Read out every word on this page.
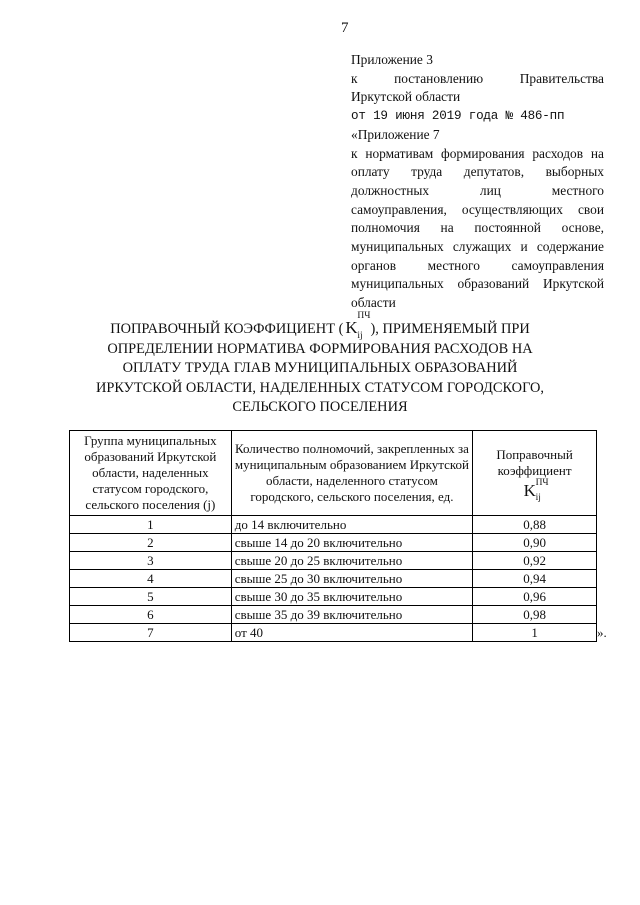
7

Приложение 3

к постановлению Правительства

Иркутской области

от 19 июня 2019 года № 486-пп

«Приложение 7

к нормативам формирования расходов на оплату труда депутатов, выборных должностных лиц местного самоуправления, осуществляющих свои полномочия на постоянной основе, муниципальных служащих и содержание органов местного самоуправления муниципальных образований Иркутской области

ПОПРАВОЧНЫЙ КОЭФФИЦИЕНТ ( K
ПЧ
ij ), ПРИМЕНЯЕМЫЙ ПРИ ОПРЕДЕЛЕНИИ НОРМАТИВА ФОРМИРОВАНИЯ РАСХОДОВ НА ОПЛАТУ ТРУДА ГЛАВ МУНИЦИПАЛЬНЫХ ОБРАЗОВАНИЙ ИРКУТСКОЙ ОБЛАСТИ, НАДЕЛЕННЫХ СТАТУСОМ ГОРОДСКОГО, СЕЛЬСКОГО ПОСЕЛЕНИЯ
Группа муниципальных образований Иркутской области, наделенных статусом городского, сельского поселения (j)	Количество полномочий, закрепленных за муниципальным образованием Иркутской области, наделенного статусом городского, сельского поселения, ед.	Поправочный коэффициент
K ПЧ
ij

1	до 14 включительно	0,88
2	свыше 14 до 20 включительно	0,90
3	свыше 20 до 25 включительно	0,92
4	свыше 25 до 30 включительно	0,94
5	свыше 30 до 35 включительно	0,96
6	свыше 35 до 39 включительно	0,98
7	от 40	1	».
